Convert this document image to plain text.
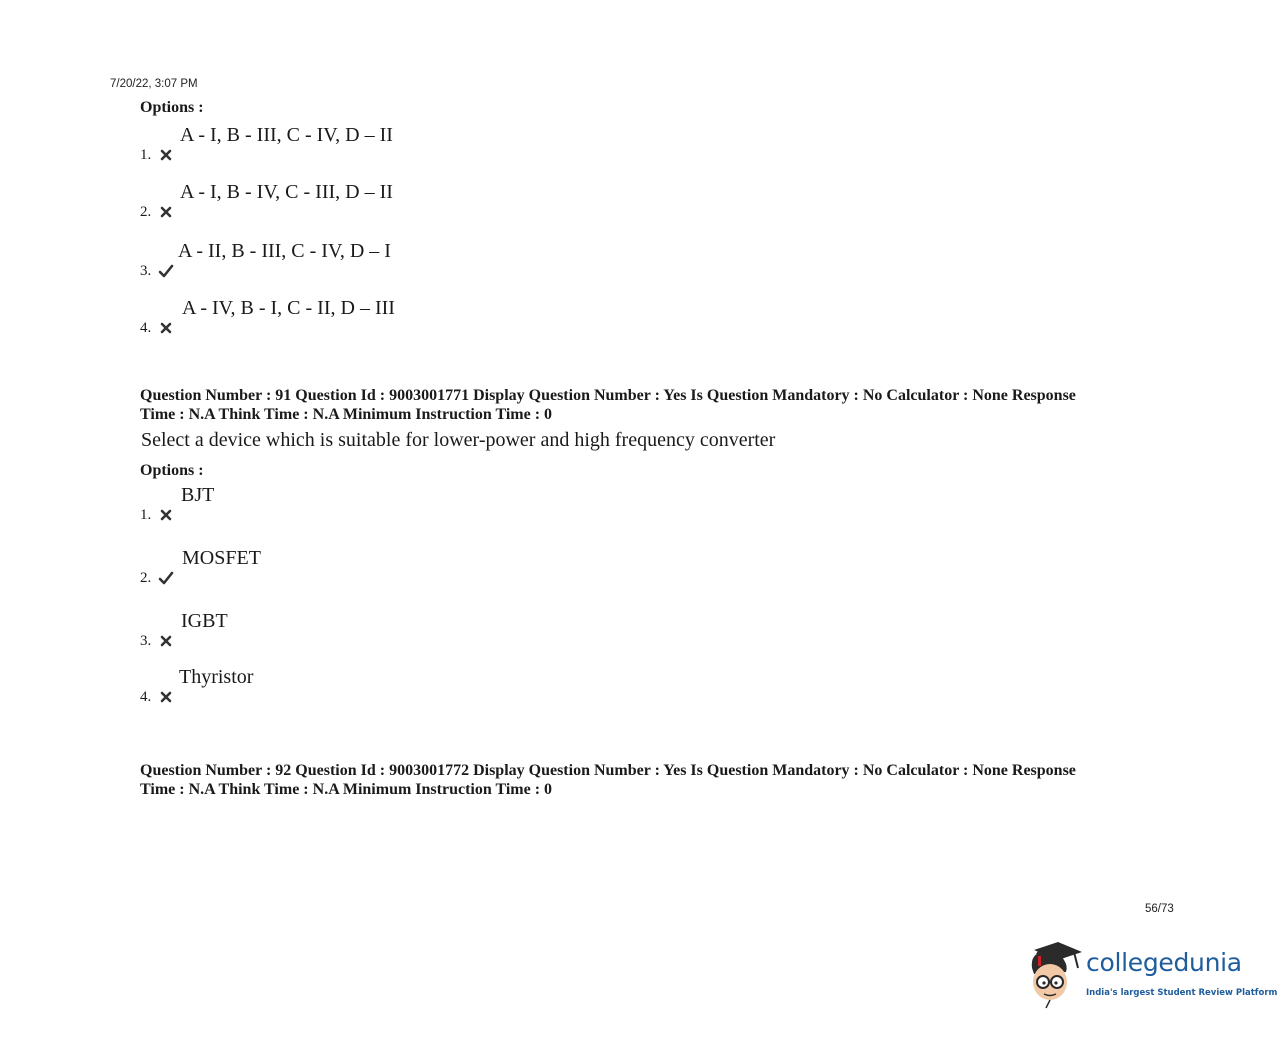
7/20/22, 3:07 PM
Options :
1.
A - I, B - III, C - IV, D – II
2.
A - I, B - IV, C - III, D – II
3.
A - II, B - III, C - IV, D – I
4.
A - IV, B - I, C - II, D – III
Question Number : 91 Question Id : 9003001771 Display Question Number : Yes Is Question Mandatory : No Calculator : None Response
Time : N.A Think Time : N.A Minimum Instruction Time : 0
Select a device which is suitable for lower-power and high frequency converter
Options :
1.
BJT
2.
MOSFET
3.
IGBT
4.
Thyristor
Question Number : 92 Question Id : 9003001772 Display Question Number : Yes Is Question Mandatory : No Calculator : None Response
Time : N.A Think Time : N.A Minimum Instruction Time : 0
56/73
collegedunia
India's largest Student Review Platform
